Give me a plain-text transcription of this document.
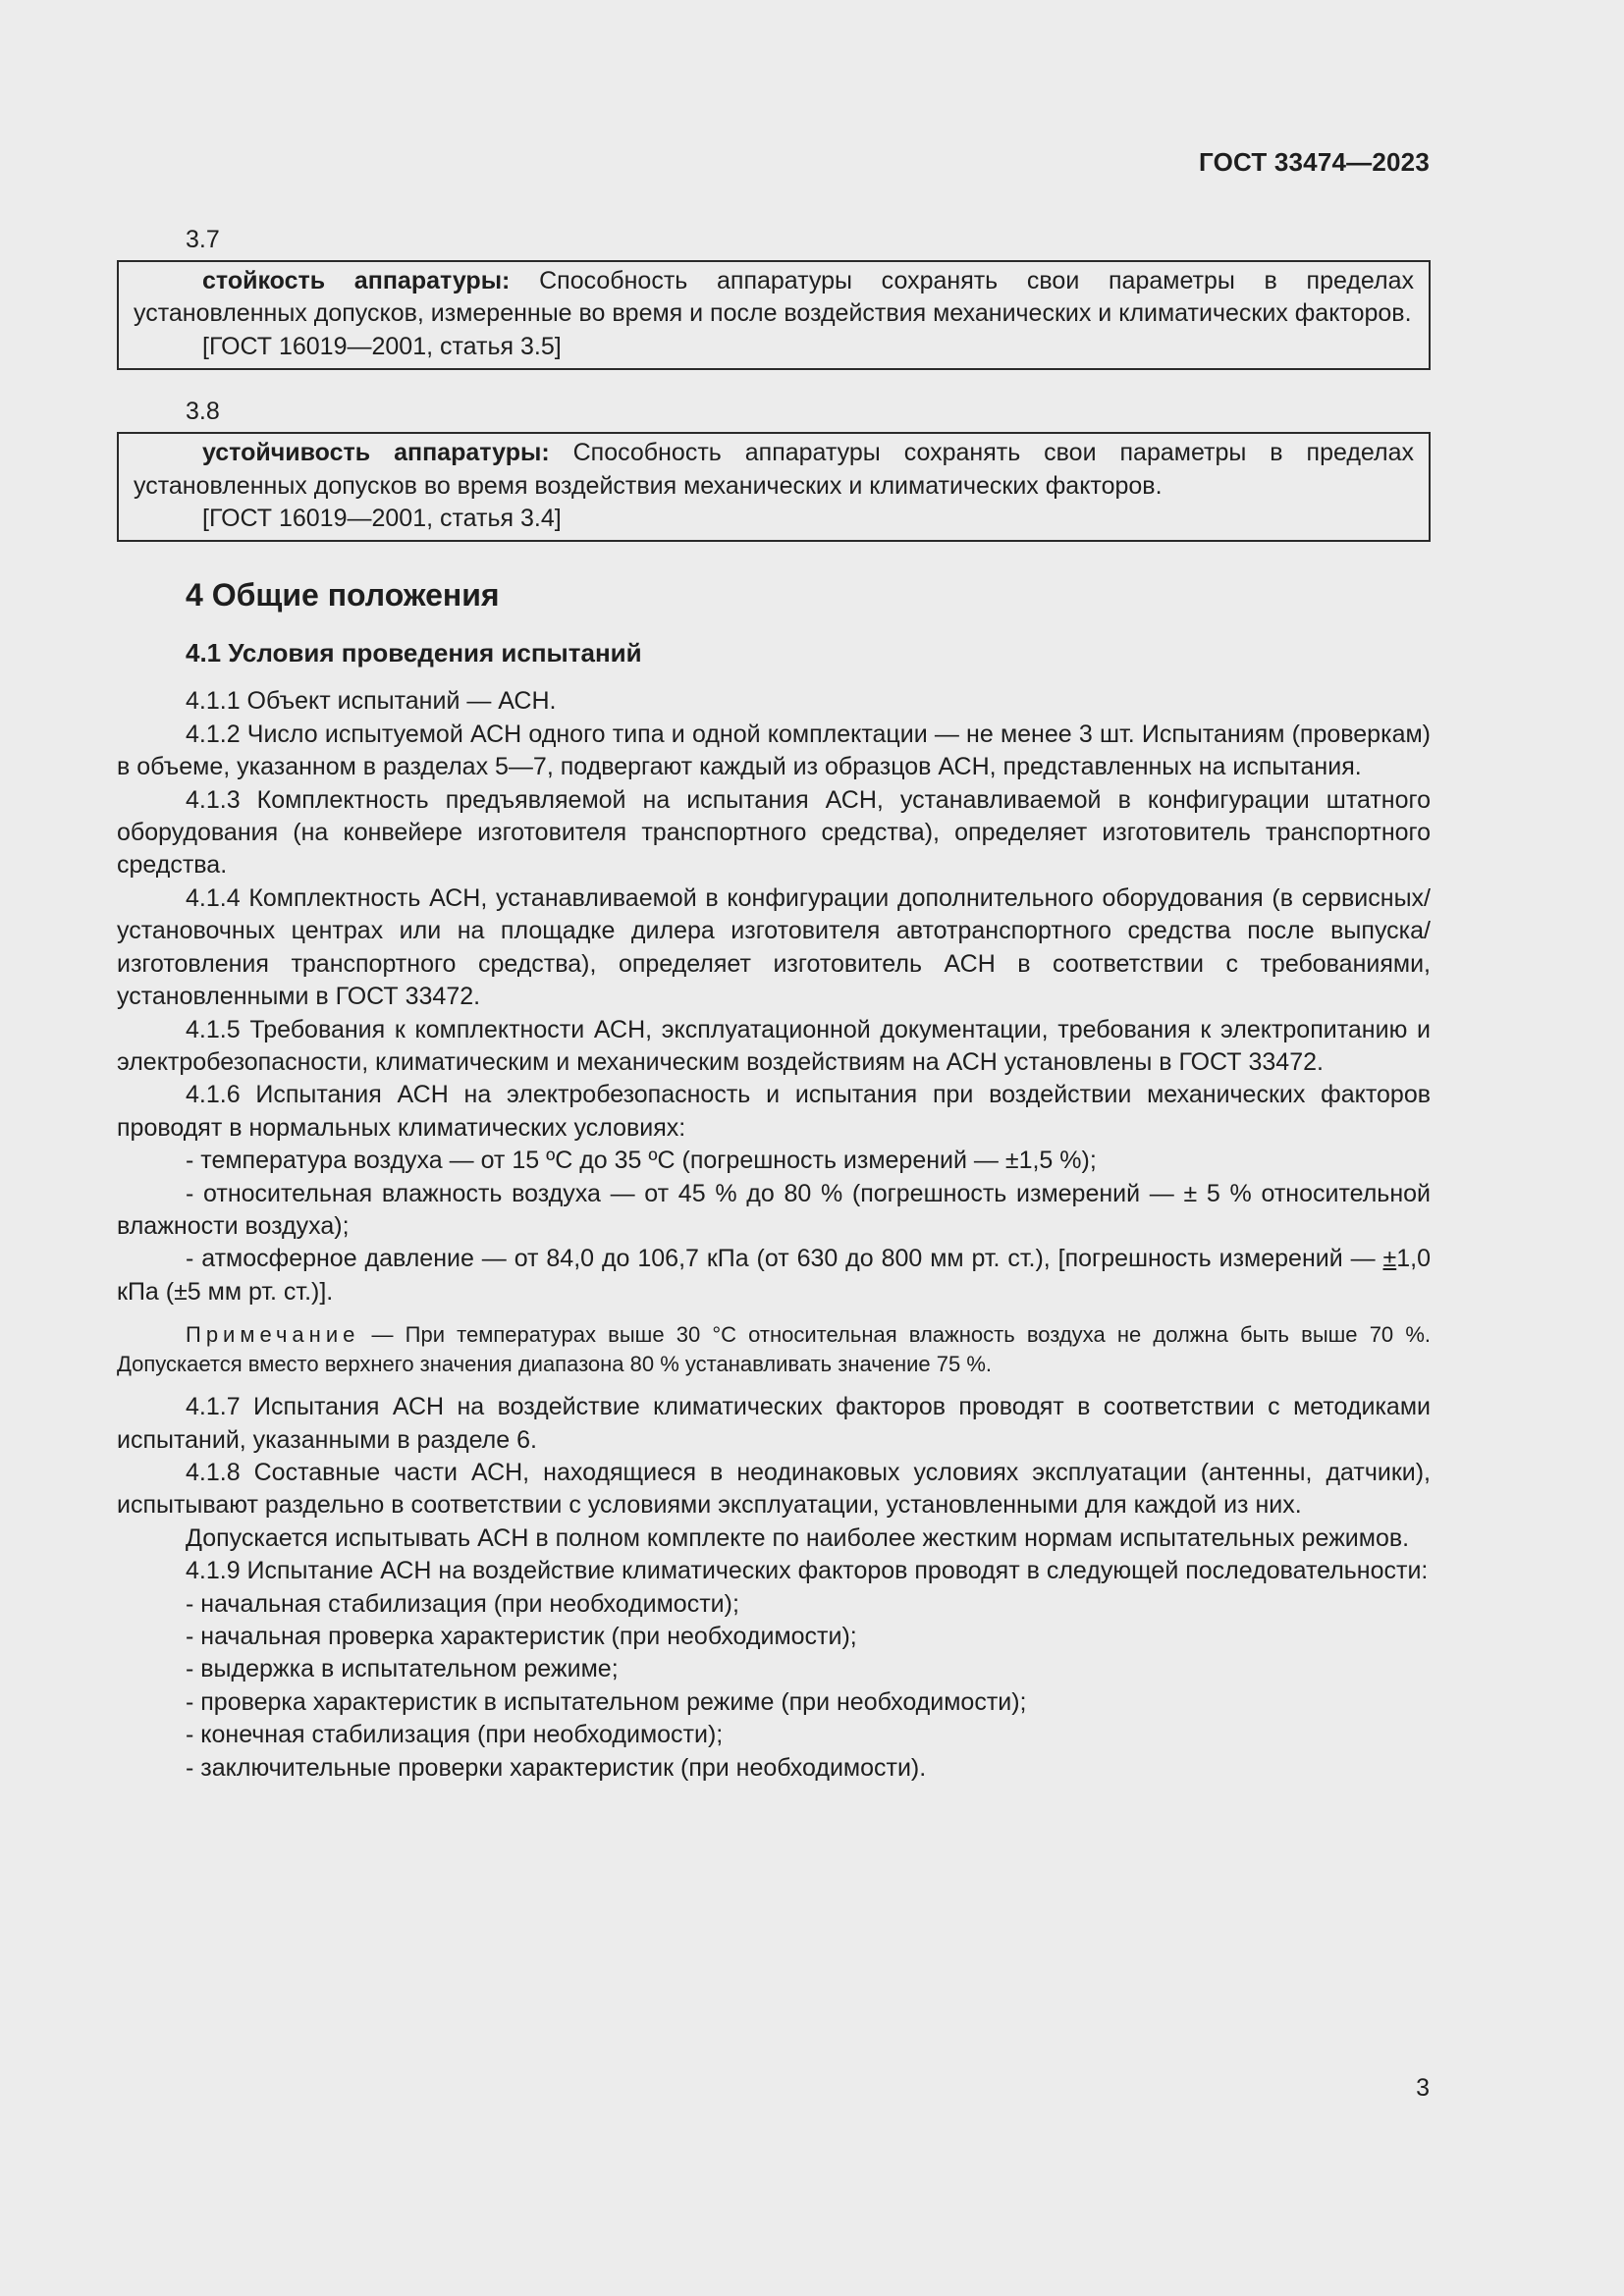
ГОСТ 33474—2023

3.7

стойкость аппаратуры: Способность аппаратуры сохранять свои параметры в пределах установленных допусков, измеренные во время и после воздействия механических и климатических факторов.

[ГОСТ 16019—2001, статья 3.5]

3.8

устойчивость аппаратуры: Способность аппаратуры сохранять свои параметры в пределах установленных допусков во время воздействия механических и климатических факторов.

[ГОСТ 16019—2001, статья 3.4]

4 Общие положения

4.1 Условия проведения испытаний

4.1.1 Объект испытаний — АСН.

4.1.2 Число испытуемой АСН одного типа и одной комплектации — не менее 3 шт. Испытаниям (проверкам) в объеме, указанном в разделах 5—7, подвергают каждый из образцов АСН, представленных на испытания.

4.1.3 Комплектность предъявляемой на испытания АСН, устанавливаемой в конфигурации штатного оборудования (на конвейере изготовителя транспортного средства), определяет изготовитель транспортного средства.

4.1.4 Комплектность АСН, устанавливаемой в конфигурации дополнительного оборудования (в сервисных/установочных центрах или на площадке дилера изготовителя автотранспортного средства после выпуска/изготовления транспортного средства), определяет изготовитель АСН в соответствии с требованиями, установленными в ГОСТ 33472.

4.1.5 Требования к комплектности АСН, эксплуатационной документации, требования к электропитанию и электробезопасности, климатическим и механическим воздействиям на АСН установлены в ГОСТ 33472.

4.1.6 Испытания АСН на электробезопасность и испытания при воздействии механических факторов проводят в нормальных климатических условиях:

- температура воздуха — от 15 ºС до 35 ºС (погрешность измерений — ±1,5 %);

- относительная влажность воздуха — от 45 % до 80 % (погрешность измерений — ± 5 % относительной влажности воздуха);

- атмосферное давление — от 84,0 до 106,7 кПа (от 630 до 800 мм рт. ст.), [погрешность измерений — ±1,0 кПа (±5 мм рт. ст.)].

Примечание — При температурах выше 30 °С относительная влажность воздуха не должна быть выше 70 %. Допускается вместо верхнего значения диапазона 80 % устанавливать значение 75 %.

4.1.7 Испытания АСН на воздействие климатических факторов проводят в соответствии с методиками испытаний, указанными в разделе 6.

4.1.8 Составные части АСН, находящиеся в неодинаковых условиях эксплуатации (антенны, датчики), испытывают раздельно в соответствии с условиями эксплуатации, установленными для каждой из них.

Допускается испытывать АСН в полном комплекте по наиболее жестким нормам испытательных режимов.

4.1.9 Испытание АСН на воздействие климатических факторов проводят в следующей последовательности:

- начальная стабилизация (при необходимости);

- начальная проверка характеристик (при необходимости);

- выдержка в испытательном режиме;

- проверка характеристик в испытательном режиме (при необходимости);

- конечная стабилизация (при необходимости);

- заключительные проверки характеристик (при необходимости).

3
